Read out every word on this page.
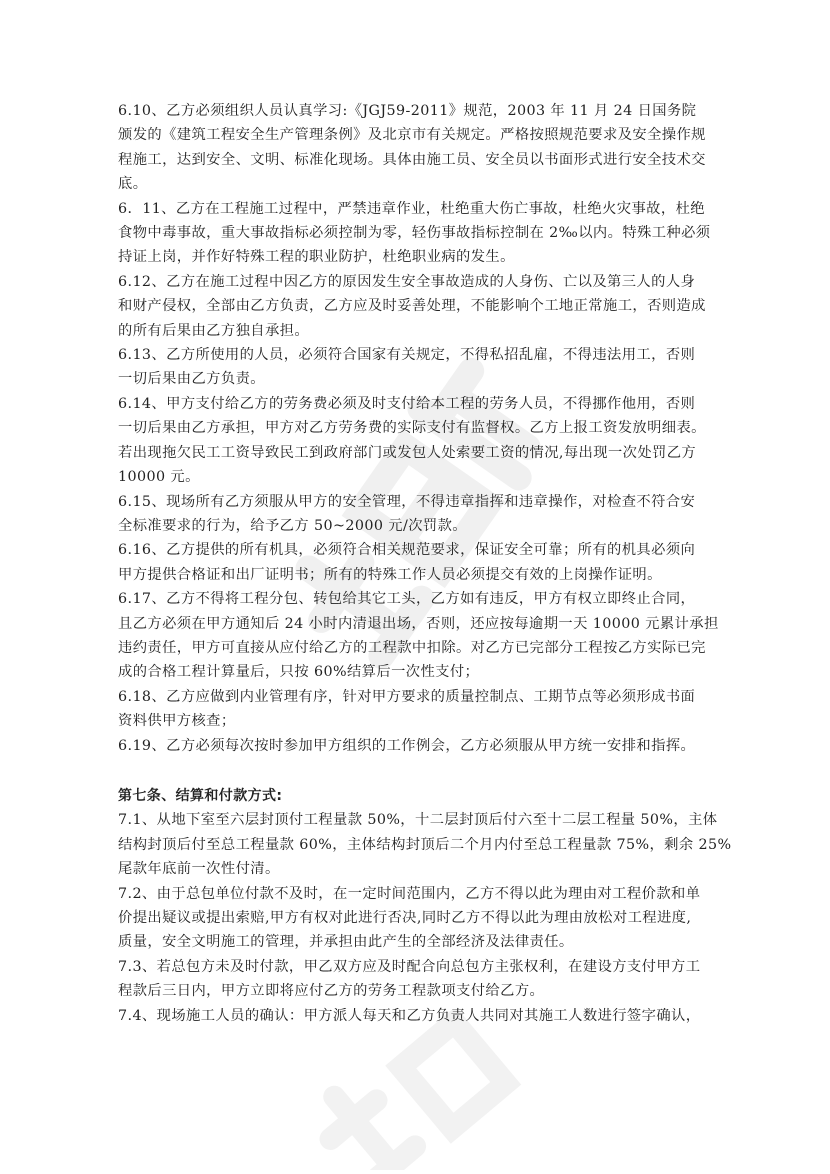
6.10、乙方必须组织人员认真学习:《JGJ59-2011》规范，2003 年 11 月 24 日国务院
颁发的《建筑工程安全生产管理条例》及北京市有关规定。严格按照规范要求及安全操作规
程施工，达到安全、文明、标准化现场。具体由施工员、安全员以书面形式进行安全技术交
底。
6．11、乙方在工程施工过程中，严禁违章作业，杜绝重大伤亡事故，杜绝火灾事故，杜绝
食物中毒事故，重大事故指标必须控制为零，轻伤事故指标控制在 2‰以内。特殊工种必须
持证上岗，并作好特殊工程的职业防护，杜绝职业病的发生。
6.12、乙方在施工过程中因乙方的原因发生安全事故造成的人身伤、亡以及第三人的人身
和财产侵权，全部由乙方负责，乙方应及时妥善处理，不能影响个工地正常施工，否则造成
的所有后果由乙方独自承担。
6.13、乙方所使用的人员，必须符合国家有关规定，不得私招乱雇，不得违法用工，否则
一切后果由乙方负责。
6.14、甲方支付给乙方的劳务费必须及时支付给本工程的劳务人员，不得挪作他用，否则
一切后果由乙方承担，甲方对乙方劳务费的实际支付有监督权。乙方上报工资发放明细表。
若出现拖欠民工工资导致民工到政府部门或发包人处索要工资的情况,每出现一次处罚乙方
10000 元。
6.15、现场所有乙方须服从甲方的安全管理，不得违章指挥和违章操作，对检查不符合安
全标准要求的行为，给予乙方 50~2000 元/次罚款。
6.16、乙方提供的所有机具，必须符合相关规范要求，保证安全可靠；所有的机具必须向
甲方提供合格证和出厂证明书；所有的特殊工作人员必须提交有效的上岗操作证明。
6.17、乙方不得将工程分包、转包给其它工头，乙方如有违反，甲方有权立即终止合同，
且乙方必须在甲方通知后 24 小时内清退出场，否则，还应按每逾期一天 10000 元累计承担
违约责任，甲方可直接从应付给乙方的工程款中扣除。对乙方已完部分工程按乙方实际已完
成的合格工程计算量后，只按 60%结算后一次性支付；
6.18、乙方应做到内业管理有序，针对甲方要求的质量控制点、工期节点等必须形成书面
资料供甲方核查；
6.19、乙方必须每次按时参加甲方组织的工作例会，乙方必须服从甲方统一安排和指挥。
第七条、结算和付款方式:
7.1、从地下室至六层封顶付工程量款 50%，十二层封顶后付六至十二层工程量 50%，主体
结构封顶后付至总工程量款 60%，主体结构封顶后二个月内付至总工程量款 75%，剩余 25%
尾款年底前一次性付清。
7.2、由于总包单位付款不及时，在一定时间范围内，乙方不得以此为理由对工程价款和单
价提出疑议或提出索赔,甲方有权对此进行否决,同时乙方不得以此为理由放松对工程进度,
质量，安全文明施工的管理，并承担由此产生的全部经济及法律责任。
7.3、若总包方未及时付款，甲乙双方应及时配合向总包方主张权利，在建设方支付甲方工
程款后三日内，甲方立即将应付乙方的劳务工程款项支付给乙方。
7.4、现场施工人员的确认：甲方派人每天和乙方负责人共同对其施工人数进行签字确认，
